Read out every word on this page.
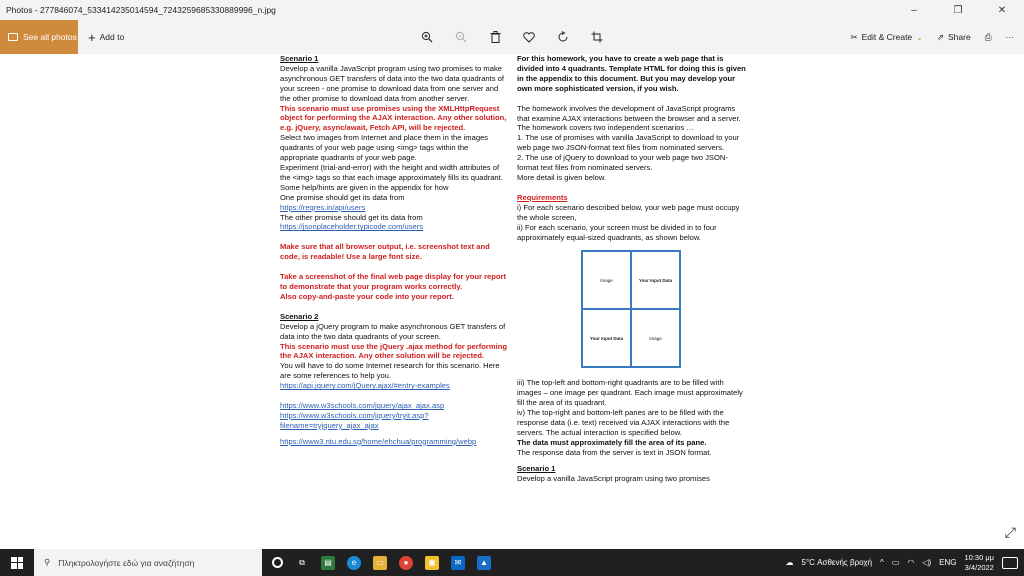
Photos - 277846074_533414235014594_7243259685330889996_n.jpg	–	❐	✕
See all photos + Add to	✂ Edit & Create ⌄ ⇗ Share ⎙ ···
Scenario 1
Develop a vanilla JavaScript program using two promises to make asynchronous GET transfers of data into the two data quadrants of your screen - one promise to download data from one server and the other promise to download data from another server.
This scenario must use promises using the XMLHttpRequest object for performing the AJAX interaction. Any other solution, e.g. jQuery, async/await, Fetch API, will be rejected.
Select two images from Internet and place them in the images quadrants of your web page using <img> tags within the appropriate quadrants of your web page.
Experiment (trial-and-error) with the height and width attributes of the <img> tags so that each image approximately fills its quadrant.
Some help/hints are given in the appendix for how
One promise should get its data from
https://reqres.in/api/users
The other promise should get its data from
https://jsonplaceholder.typicode.com/users
Make sure that all browser output, i.e. screenshot text and code, is readable! Use a large font size.
Take a screenshot of the final web page display for your report to demonstrate that your program works correctly.
Also copy-and-paste your code into your report.
Scenario 2
Develop a jQuery program to make asynchronous GET transfers of data into the two data quadrants of your screen.
This scenario must use the jQuery .ajax method for performing the AJAX interaction. Any other solution will be rejected.
You will have to do some Internet research for this scenario. Here are some references to help you.
https://api.jquery.com/jQuery.ajax/#entry-examples
https://www.w3schools.com/jquery/ajax_ajax.asp
https://www.w3schools.com/jquery/tryit.asp?filename=tryjquery_ajax_ajax
https://www3.ntu.edu.sg/home/ehchua/programming/webp
For this homework, you have to create a web page that is divided into 4 quadrants. Template HTML for doing this is given in the appendix to this document. But you may develop your own more sophisticated version, if you wish.
The homework involves the development of JavaScript programs that examine AJAX interactions between the browser and a server. The homework covers two independent scenarios …
1. The use of promises with vanilla JavaScript to download to your web page two JSON-format text files from nominated servers.
2. The use of jQuery to download to your web page two JSON-format text files from nominated servers.
More detail is given below.
Requirements
i) For each scenario described below, your web page must occupy the whole screen,
ii) For each scenario, your screen must be divided in to four approximately equal-sized quadrants, as shown below.
Image	Your Input Data
Your Input Data	Image
iii) The top-left and bottom-right quadrants are to be filled with images – one image per quadrant. Each image must approximately fill the area of its quadrant.
iv) The top-right and bottom-left panes are to be filled with the response data (i.e. text) received via AJAX interactions with the servers. The actual interaction is specified below.
The data must approximately fill the area of its pane.
The response data from the server is text in JSON format.
Scenario 1
Develop a vanilla JavaScript program using two promises
⤢
⚲ Πληκτρολογήστε εδώ για αναζήτηση	⧉	▤	e	▭	●	▣	✉	▲	☁ 5°C Ασθενής βροχή ^ ▭ ◠ ◁) ENG
10:30 μμ
3/4/2022
